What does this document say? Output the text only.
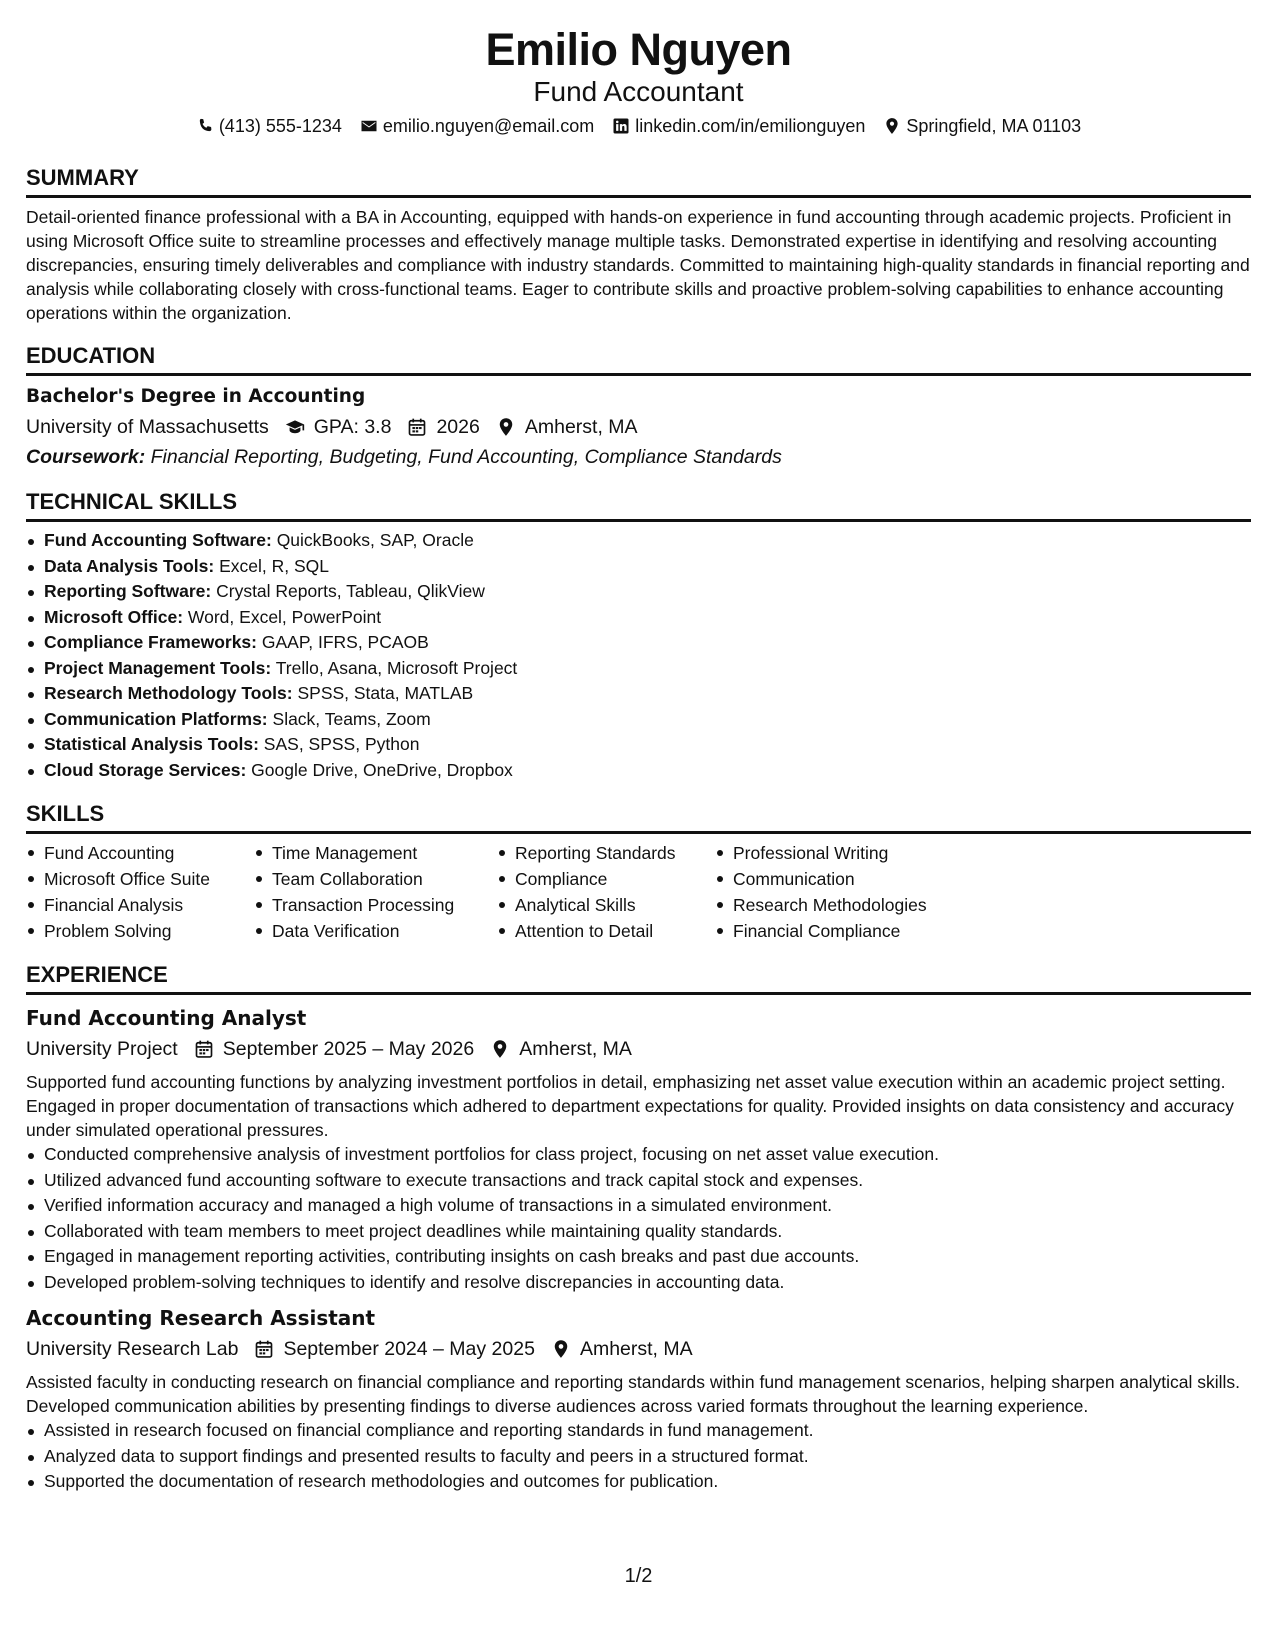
Emilio Nguyen
Fund Accountant
(413) 555-1234 emilio.nguyen@email.com linkedin.com/in/emilionguyen Springfield, MA 01103
SUMMARY
Detail-oriented finance professional with a BA in Accounting, equipped with hands-on experience in fund accounting through academic projects. Proficient in using Microsoft Office suite to streamline processes and effectively manage multiple tasks. Demonstrated expertise in identifying and resolving accounting discrepancies, ensuring timely deliverables and compliance with industry standards. Committed to maintaining high-quality standards in financial reporting and analysis while collaborating closely with cross-functional teams. Eager to contribute skills and proactive problem-solving capabilities to enhance accounting operations within the organization.
EDUCATION
Bachelor's Degree in Accounting
University of Massachusetts GPA: 3.8 2026 Amherst, MA
Coursework: Financial Reporting, Budgeting, Fund Accounting, Compliance Standards
TECHNICAL SKILLS
Fund Accounting Software: QuickBooks, SAP, Oracle
Data Analysis Tools: Excel, R, SQL
Reporting Software: Crystal Reports, Tableau, QlikView
Microsoft Office: Word, Excel, PowerPoint
Compliance Frameworks: GAAP, IFRS, PCAOB
Project Management Tools: Trello, Asana, Microsoft Project
Research Methodology Tools: SPSS, Stata, MATLAB
Communication Platforms: Slack, Teams, Zoom
Statistical Analysis Tools: SAS, SPSS, Python
Cloud Storage Services: Google Drive, OneDrive, Dropbox
SKILLS
Fund Accounting
Microsoft Office Suite
Financial Analysis
Problem Solving
Time Management
Team Collaboration
Transaction Processing
Data Verification
Reporting Standards
Compliance
Analytical Skills
Attention to Detail
Professional Writing
Communication
Research Methodologies
Financial Compliance
EXPERIENCE
Fund Accounting Analyst
University Project September 2025 – May 2026 Amherst, MA
Supported fund accounting functions by analyzing investment portfolios in detail, emphasizing net asset value execution within an academic project setting. Engaged in proper documentation of transactions which adhered to department expectations for quality. Provided insights on data consistency and accuracy under simulated operational pressures.
Conducted comprehensive analysis of investment portfolios for class project, focusing on net asset value execution.
Utilized advanced fund accounting software to execute transactions and track capital stock and expenses.
Verified information accuracy and managed a high volume of transactions in a simulated environment.
Collaborated with team members to meet project deadlines while maintaining quality standards.
Engaged in management reporting activities, contributing insights on cash breaks and past due accounts.
Developed problem-solving techniques to identify and resolve discrepancies in accounting data.
Accounting Research Assistant
University Research Lab September 2024 – May 2025 Amherst, MA
Assisted faculty in conducting research on financial compliance and reporting standards within fund management scenarios, helping sharpen analytical skills. Developed communication abilities by presenting findings to diverse audiences across varied formats throughout the learning experience.
Assisted in research focused on financial compliance and reporting standards in fund management.
Analyzed data to support findings and presented results to faculty and peers in a structured format.
Supported the documentation of research methodologies and outcomes for publication.
1/2
